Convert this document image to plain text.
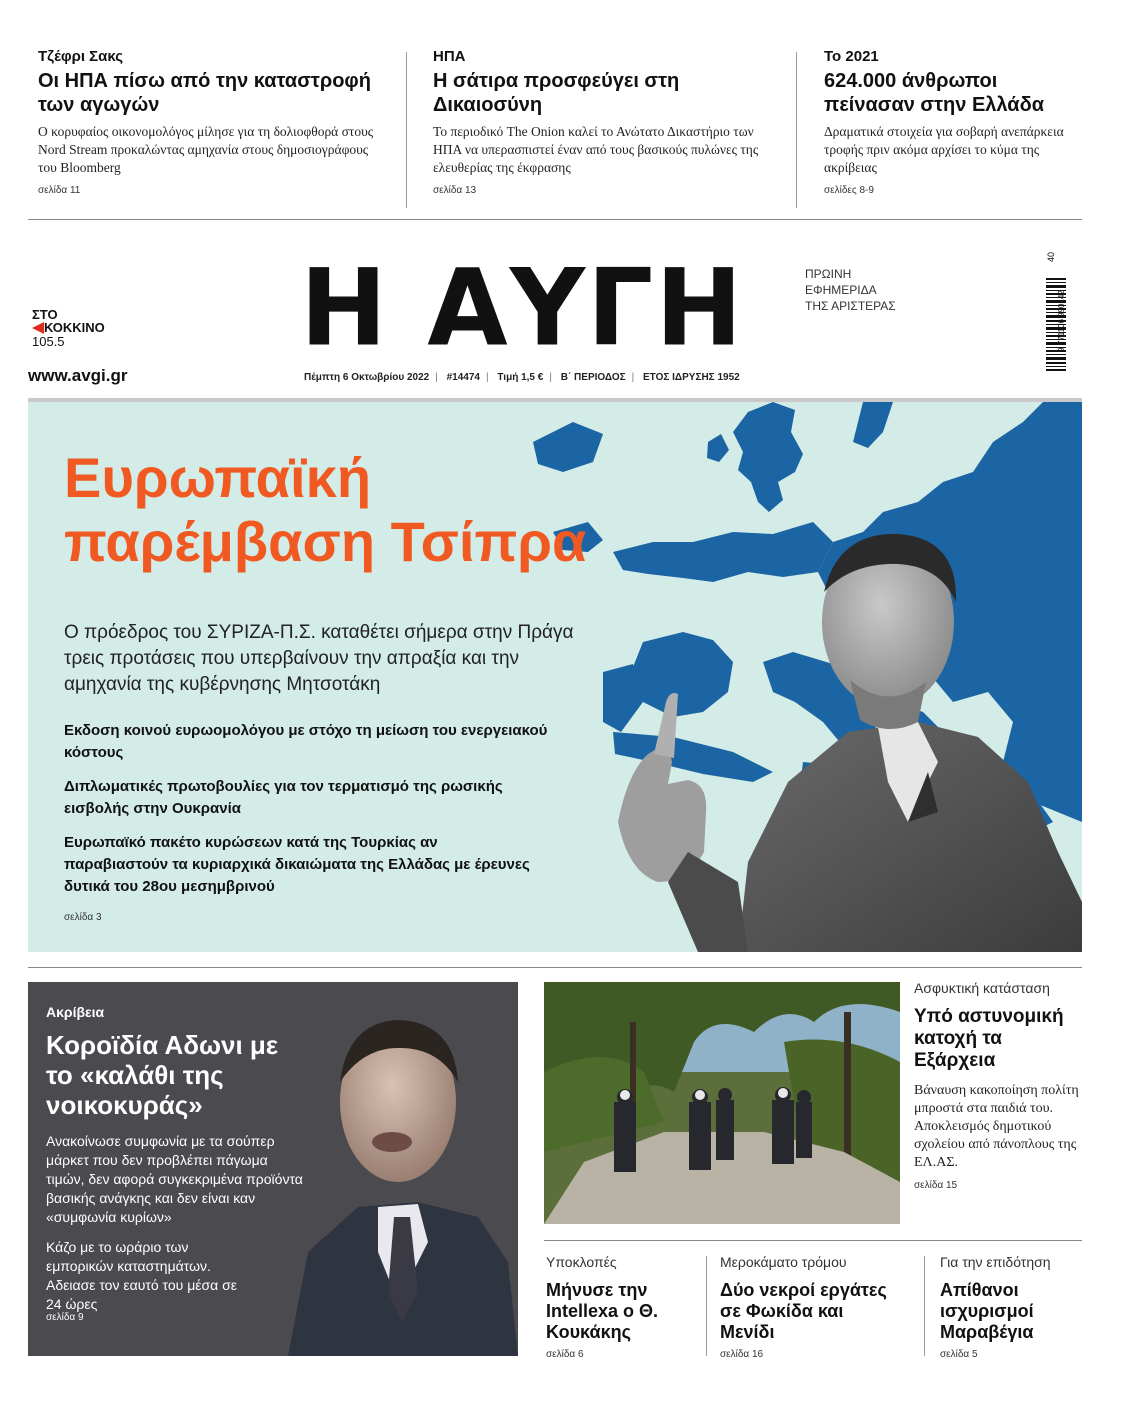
Τζέφρι Σακς
Οι ΗΠΑ πίσω από την καταστροφή των αγωγών
Ο κορυφαίος οικονομολόγος μίλησε για τη δολιοφθορά στους Nord Stream προκαλώντας αμηχανία στους δημοσιογράφους του Bloomberg
σελίδα 11
ΗΠΑ
Η σάτιρα προσφεύγει στη Δικαιοσύνη
Το περιοδικό The Onion καλεί το Ανώτατο Δικαστήριο των ΗΠΑ να υπερασπιστεί έναν από τους βασικούς πυλώνες της ελευθερίας της έκφρασης
σελίδα 13
Το 2021
624.000 άνθρωποι πείνασαν στην Ελλάδα
Δραματικά στοιχεία για σοβαρή ανεπάρκεια τροφής πριν ακόμα αρχίσει το κύμα της ακρίβειας
σελίδες 8-9
Η ΑΥΓΗ	ΠΡΩΙΝΗ
ΕΦΗΜΕΡΙΔΑ
ΤΗΣ ΑΡΙΣΤΕΡΑΣ
Πέμπτη 6 Οκτωβρίου 2022 | #14474 | Τιμή 1,5 € | Β΄ ΠΕΡΙΟΔΟΣ | ΕΤΟΣ ΙΔΡΥΣΗΣ 1952
ΣΤΟ
ΚΟΚΚΙΝΟ
105.5
www.avgi.gr
9 771106 990142
40
Ευρωπαϊκή
παρέμβαση Τσίπρα
Ο πρόεδρος του ΣΥΡΙΖΑ-Π.Σ. καταθέτει σήμερα στην Πράγα τρεις προτάσεις που υπερβαίνουν την απραξία και την αμηχανία της κυβέρνησης Μητσοτάκη
Εκδοση κοινού ευρωομολόγου με στόχο τη μείωση του ενεργειακού κόστους
Διπλωματικές πρωτοβουλίες για τον τερματισμό της ρωσικής εισβολής στην Ουκρανία
Ευρωπαϊκό πακέτο κυρώσεων κατά της Τουρκίας αν παραβιαστούν τα κυριαρχικά δικαιώματα της Ελλάδας με έρευνες δυτικά του 28ου μεσημβρινού
σελίδα 3
Ακρίβεια
Κοροϊδία Αδωνι με το «καλάθι της νοικοκυράς»
Ανακοίνωσε συμφωνία με τα σούπερ μάρκετ που δεν προβλέπει πάγωμα τιμών, δεν αφορά συγκεκριμένα προϊόντα βασικής ανάγκης και δεν είναι καν «συμφωνία κυρίων»
Κάζο με το ωράριο των εμπορικών καταστημάτων. Αδειασε τον εαυτό του μέσα σε 24 ώρες
σελίδα 9
Ασφυκτική κατάσταση
Υπό αστυνομική κατοχή τα Εξάρχεια
Βάναυση κακοποίηση πολίτη μπροστά στα παιδιά του. Αποκλεισμός δημοτικού σχολείου από πάνοπλους της ΕΛ.ΑΣ.
σελίδα 15
Υποκλοπές
Μήνυσε την Intellexa ο Θ. Κουκάκης
σελίδα 6
Μεροκάματο τρόμου
Δύο νεκροί εργάτες σε Φωκίδα και Μενίδι
σελίδα 16
Για την επιδότηση
Απίθανοι ισχυρισμοί Μαραβέγια
σελίδα 5
